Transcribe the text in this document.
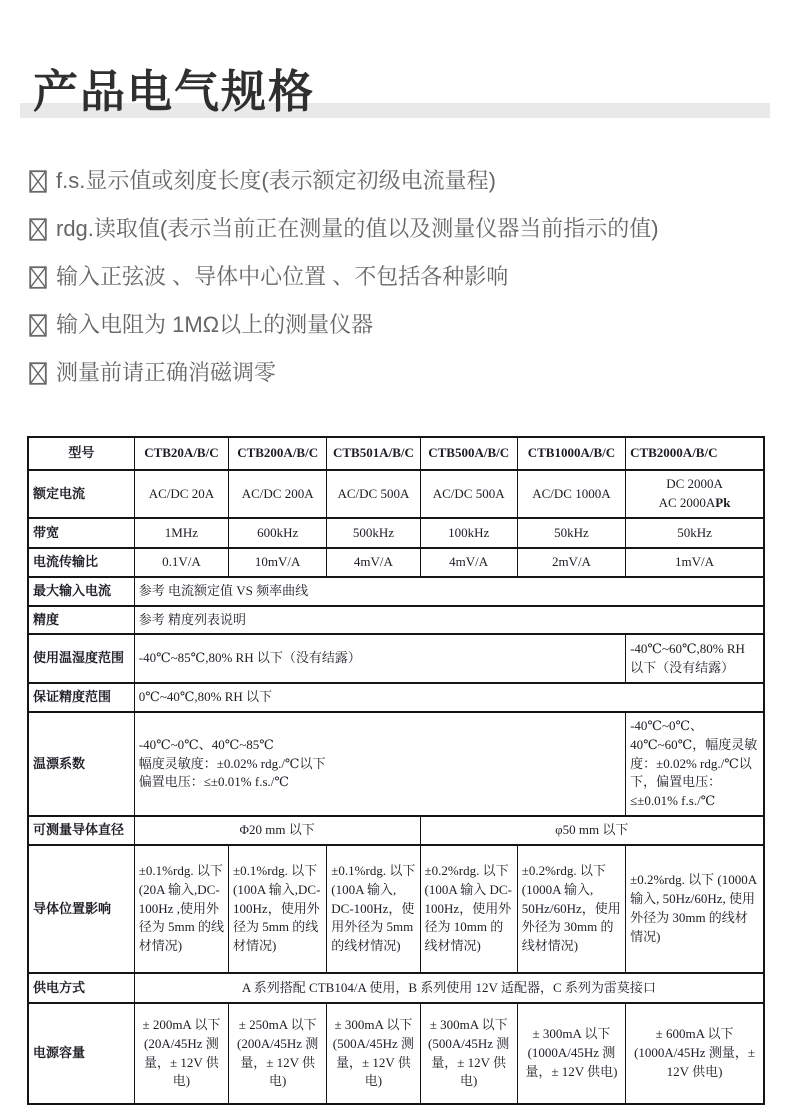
产品电气规格
f.s.显示值或刻度长度(表示额定初级电流量程)
rdg.读取值(表示当前正在测量的值以及测量仪器当前指示的值)
输入正弦波 、导体中心位置 、不包括各种影响
输入电阻为 1MΩ以上的测量仪器
测量前请正确消磁调零
型号	CTB20A/B/C	CTB200A/B/C	CTB501A/B/C	CTB500A/B/C	CTB1000A/B/C	CTB2000A/B/C
额定电流	AC/DC 20A	AC/DC 200A	AC/DC 500A	AC/DC 500A	AC/DC 1000A	DC 2000A
AC 2000APk

带宽	1MHz	600kHz	500kHz	100kHz	50kHz	50kHz
电流传输比	0.1V/A	10mV/A	4mV/A	4mV/A	2mV/A	1mV/A
最大输入电流	参考 电流额定值 VS 频率曲线					
精度	参考 精度列表说明					
使用温湿度范围	-40℃~85℃,80% RH 以下（没有结露）					-40℃~60℃,80% RH 以下（没有结露）
保证精度范围	0℃~40℃,80% RH 以下					
温漂系数	-40℃~0℃、40℃~85℃
幅度灵敏度：±0.02% rdg./℃以下
偏置电压：≤±0.01% f.s./℃					-40℃~0℃、40℃~60℃，幅度灵敏度：±0.02% rdg./℃以下，偏置电压：≤±0.01% f.s./℃
可测量导体直径	Φ20 mm 以下			φ50 mm 以下		
导体位置影响	±0.1%rdg. 以下(20A 输入,DC-100Hz ,使用外径为 5mm 的线材情况)	±0.1%rdg. 以下(100A 输入,DC-100Hz，使用外径为 5mm 的线材情况)	±0.1%rdg. 以下(100A 输入, DC-100Hz，使用外径为 5mm 的线材情况)	±0.2%rdg. 以下(100A 输入 DC-100Hz，使用外径为 10mm 的线材情况)	±0.2%rdg. 以下(1000A 输入, 50Hz/60Hz，使用外径为 30mm 的线材情况)	±0.2%rdg. 以下 (1000A 输入, 50Hz/60Hz, 使用外径为 30mm 的线材情况)
供电方式	A 系列搭配 CTB104/A 使用，B 系列使用 12V 适配器，C 系列为雷莫接口					
电源容量	± 200mA 以下(20A/45Hz 测量，± 12V 供电)	± 250mA 以下(200A/45Hz 测量，± 12V 供电)	± 300mA 以下 (500A/45Hz 测量，± 12V 供电)	± 300mA 以下 (500A/45Hz 测量，± 12V 供电)	± 300mA 以下 (1000A/45Hz 测量，± 12V 供电)	± 600mA 以下 (1000A/45Hz 测量，± 12V 供电)
